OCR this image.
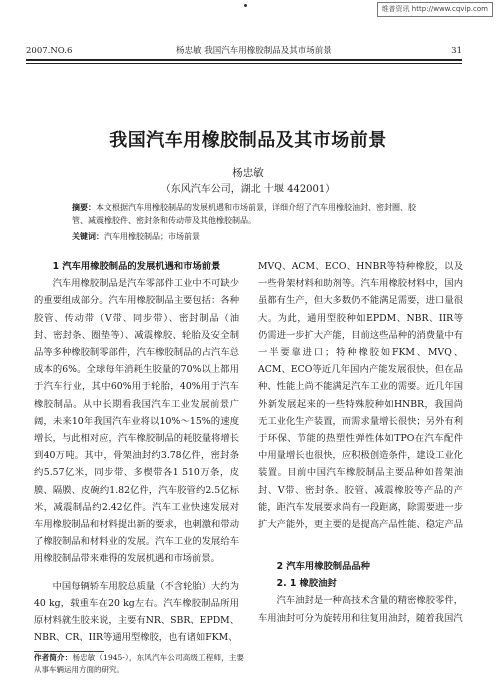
维普资讯 http://www.cqvip.com
2007.NO.6	杨忠敏 我国汽车用橡胶制品及其市场前景	31
我国汽车用橡胶制品及其市场前景
杨忠敏
（东风汽车公司，湖北 十堰 442001）
摘要：本文根据汽车用橡胶制品的发展机遇和市场前景，详细介绍了汽车用橡胶油封、密封圈、胶管、减震橡胶件、密封条和传动带及其他橡胶制品。
关键词：汽车用橡胶制品；市场前景

1 汽车用橡胶制品的发展机遇和市场前景

汽车用橡胶制品是汽车零部件工业中不可缺少的重要组成部分。汽车用橡胶制品主要包括：各种胶管、传动带（V带、同步带）、密封制品（油封、密封条、圈垫等）、减震橡胶、轮胎及安全制品等多种橡胶制零部件，汽车橡胶制品的占汽车总成本的6%。全球每年消耗生胶量的70%以上都用于汽车行业，其中60%用于轮胎，40%用于汽车橡胶制品。从中长期看我国汽车工业发展前景广阔，未来10年我国汽车业将以10%～15%的速度增长，与此相对应，汽车橡胶制品的耗胶量将增长到40万吨。其中，骨架油封约3.78亿件，密封条约5.57亿米，同步带、多楔带各1 510万条，皮膜、隔膜、皮碗约1.82亿件，汽车胶管约2.5亿标米，减震制品约2.42亿件。汽车工业快速发展对车用橡胶制品和材料提出新的要求，也刺激和带动了橡胶制品和材料业的发展。汽车工业的发展给车用橡胶制品带来难得的发展机遇和市场前景。

中国每辆轿车用胶总质量（不含轮胎）大约为40 kg，载重车在20 kg左右。汽车橡胶制品所用原材料就生胶来说，主要有NR、SBR、EPDM、NBR、CR、IIR等通用型橡胶，也有诸如FKM、

MVQ、ACM、ECO、HNBR等特种橡胶，以及一些骨架材料和助剂等。汽车用橡胶材料中，国内虽都有生产，但大多数仍不能满足需要，进口量很大。为此，通用型胶种如EPDM、NBR、IIR等仍需进一步扩大产能，目前这些品种的消费量中有一半要靠进口；特种橡胶如FKM、MVQ、ACM、ECO等近几年国内产能发展很快，但在品种、性能上尚不能满足汽车工业的需要。近几年国外新发展起来的一些特殊胶种如HNBR，我国尚无工业化生产装置，而需求量增长很快；另外有利于环保、节能的热塑性弹性体如TPO在汽车配件中用量增长也很快，应积极创造条件，建设工业化装置。目前中国汽车橡胶制品主要品种如普架油封、V带、密封条、胶管、减震橡胶等产品的产能，距汽车发展要求尚有一段距离，除需要进一步扩大产能外，更主要的是提高产品性能、稳定产品

2 汽车用橡胶制品品种

2. 1 橡胶油封

汽车油封是一种高技术含量的精密橡胶零件，车用油封可分为旋转用和往复用油封，随着我国汽

作者简介：杨忠敏（1945-），东风汽车公司高级工程师，主要从事车辆运用方面的研究。
